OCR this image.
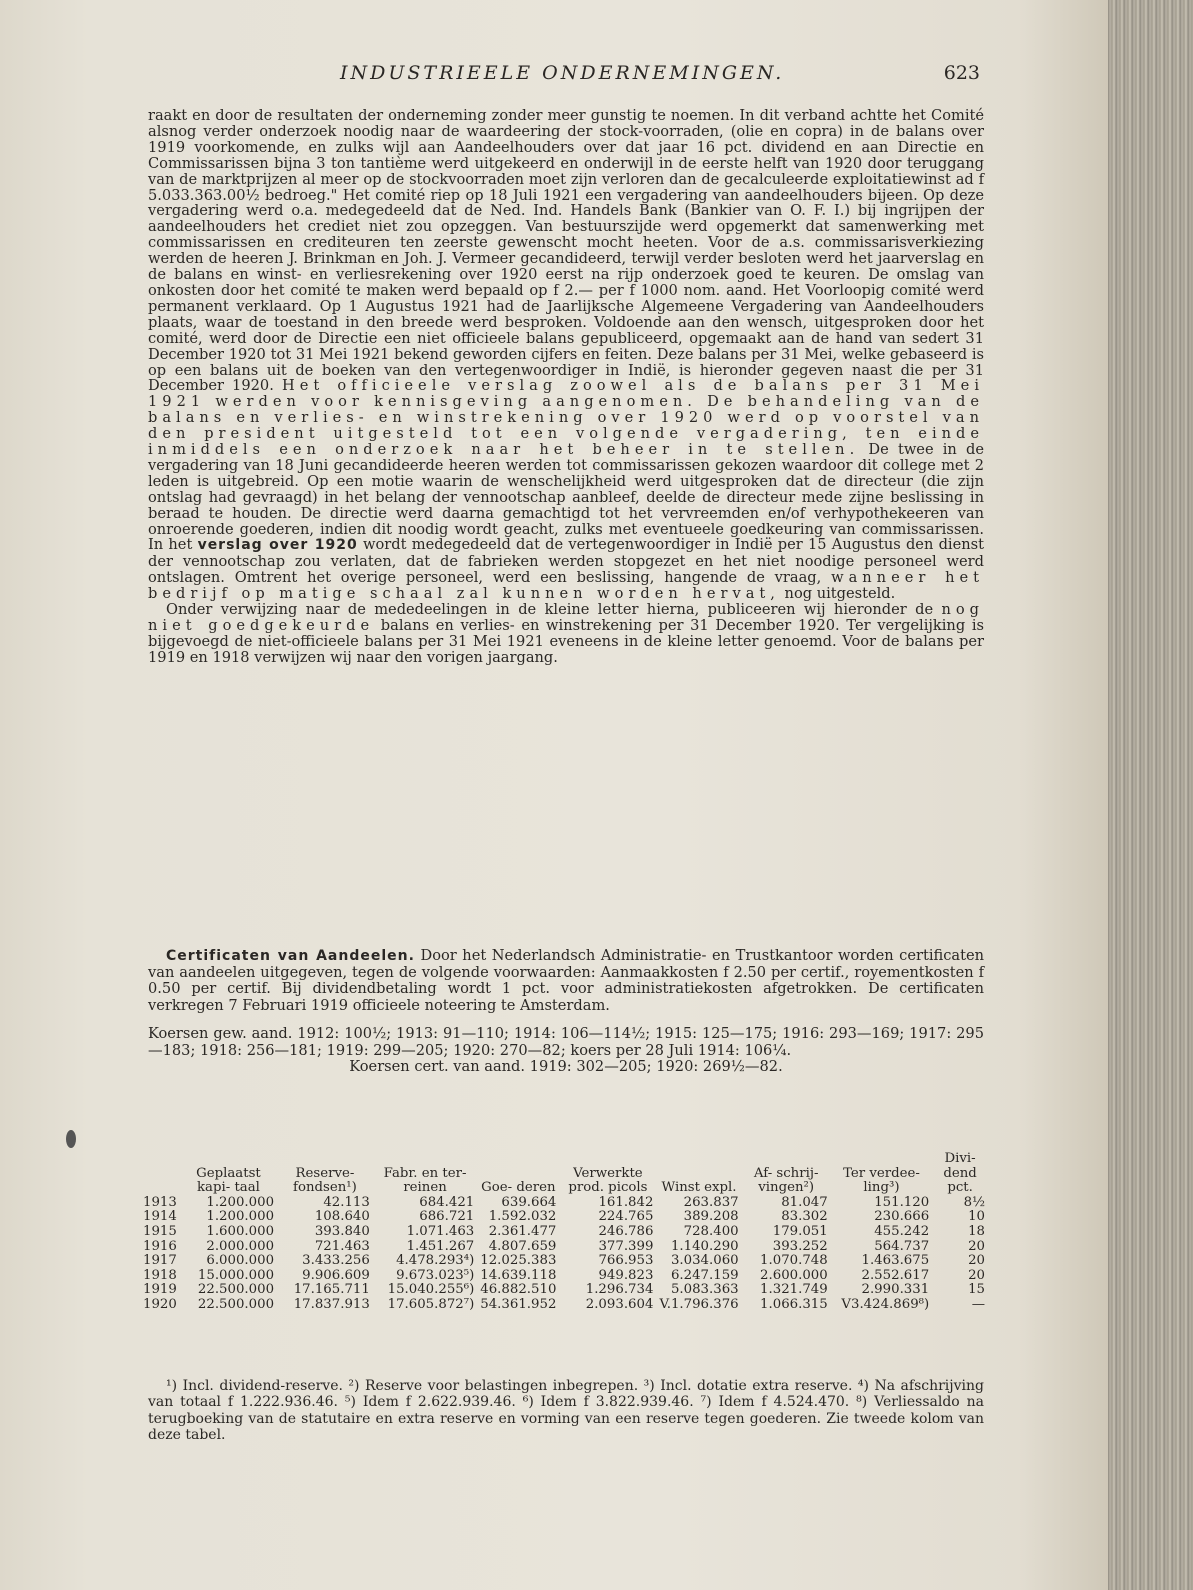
INDUSTRIEELE ONDERNEMINGEN.	623

raakt en door de resultaten der onderneming zonder meer gunstig te noemen. In dit verband achtte het Comité alsnog verder onderzoek noodig naar de waardeering der stock-voorraden, (olie en copra) in de balans over 1919 voorkomende, en zulks wijl aan Aandeelhouders over dat jaar 16 pct. dividend en aan Directie en Commissarissen bijna 3 ton tantième werd uitgekeerd en onderwijl in de eerste helft van 1920 door teruggang van de marktprijzen al meer op de stockvoorraden moet zijn verloren dan de gecalculeerde exploitatiewinst ad f 5.033.363.00½ bedroeg." Het comité riep op 18 Juli 1921 een vergadering van aandeelhouders bijeen. Op deze vergadering werd o.a. medegedeeld dat de Ned. Ind. Handels Bank (Bankier van O. F. I.) bij ingrijpen der aandeelhouders het crediet niet zou opzeggen. Van bestuurszijde werd opgemerkt dat samenwerking met commissarissen en crediteuren ten zeerste gewenscht mocht heeten. Voor de a.s. commissarisverkiezing werden de heeren J. Brinkman en Joh. J. Vermeer gecandideerd, terwijl verder besloten werd het jaarverslag en de balans en winst- en verliesrekening over 1920 eerst na rijp onderzoek goed te keuren. De omslag van onkosten door het comité te maken werd bepaald op f 2.— per f 1000 nom. aand. Het Voorloopig comité werd permanent verklaard. Op 1 Augustus 1921 had de Jaarlijksche Algemeene Vergadering van Aandeelhouders plaats, waar de toestand in den breede werd besproken. Voldoende aan den wensch, uitgesproken door het comité, werd door de Directie een niet officieele balans gepubliceerd, opgemaakt aan de hand van sedert 31 December 1920 tot 31 Mei 1921 bekend geworden cijfers en feiten. Deze balans per 31 Mei, welke gebaseerd is op een balans uit de boeken van den vertegenwoordiger in Indië, is hieronder gegeven naast die per 31 December 1920. Het officieele verslag zoowel als de balans per 31 Mei 1921 werden voor kennisgeving aangenomen. De behandeling van de balans en verlies- en winstrekening over 1920 werd op voorstel van den president uitgesteld tot een volgende vergadering, ten einde inmiddels een onderzoek naar het beheer in te stellen. De twee in de vergadering van 18 Juni gecandideerde heeren werden tot commissarissen gekozen waardoor dit college met 2 leden is uitgebreid. Op een motie waarin de wenschelijkheid werd uitgesproken dat de directeur (die zijn ontslag had gevraagd) in het belang der vennootschap aanbleef, deelde de directeur mede zijne beslissing in beraad te houden. De directie werd daarna gemachtigd tot het vervreemden en/of verhypothekeeren van onroerende goederen, indien dit noodig wordt geacht, zulks met eventueele goedkeuring van commissarissen. In het verslag over 1920 wordt medegedeeld dat de vertegenwoordiger in Indië per 15 Augustus den dienst der vennootschap zou verlaten, dat de fabrieken werden stopgezet en het niet noodige personeel werd ontslagen. Omtrent het overige personeel, werd een beslissing, hangende de vraag, wanneer het bedrijf op matige schaal zal kunnen worden hervat, nog uitgesteld.

Onder verwijzing naar de mededeelingen in de kleine letter hierna, publiceeren wij hieronder de nog niet goedgekeurde balans en verlies- en winstrekening per 31 December 1920. Ter vergelijking is bijgevoegd de niet-officieele balans per 31 Mei 1921 eveneens in de kleine letter genoemd. Voor de balans per 1919 en 1918 verwijzen wij naar den vorigen jaargang.

Certificaten van Aandeelen. Door het Nederlandsch Administratie- en Trustkantoor worden certificaten van aandeelen uitgegeven, tegen de volgende voorwaarden: Aanmaakkosten f 2.50 per certif., royementkosten f 0.50 per certif. Bij dividendbetaling wordt 1 pct. voor administratiekosten afgetrokken. De certificaten verkregen 7 Februari 1919 officieele noteering te Amsterdam.

Koersen gew. aand. 1912: 100½; 1913: 91—110; 1914: 106—114½; 1915: 125—175; 1916: 293—169; 1917: 295—183; 1918: 256—181; 1919: 299—205; 1920: 270—82; koers per 28 Juli 1914: 106¼.

Koersen cert. van aand. 1919: 302—205; 1920: 269½—82.

	Geplaatst kapi- taal	Reserve- fondsen¹)	Fabr. en ter- reinen	Goe- deren	Verwerkte prod. picols	Winst expl.	Af- schrij- vingen²)	Ter verdee- ling³)	Divi- dend pct.
1913	1.200.000	42.113	684.421	639.664	161.842	263.837	81.047	151.120	8½
1914	1.200.000	108.640	686.721	1.592.032	224.765	389.208	83.302	230.666	10
1915	1.600.000	393.840	1.071.463	2.361.477	246.786	728.400	179.051	455.242	18
1916	2.000.000	721.463	1.451.267	4.807.659	377.399	1.140.290	393.252	564.737	20
1917	6.000.000	3.433.256	4.478.293⁴)	12.025.383	766.953	3.034.060	1.070.748	1.463.675	20
1918	15.000.000	9.906.609	9.673.023⁵)	14.639.118	949.823	6.247.159	2.600.000	2.552.617	20
1919	22.500.000	17.165.711	15.040.255⁶)	46.882.510	1.296.734	5.083.363	1.321.749	2.990.331	15
1920	22.500.000	17.837.913	17.605.872⁷)	54.361.952	2.093.604	V.1.796.376	1.066.315	V3.424.869⁸)	—

¹) Incl. dividend-reserve. ²) Reserve voor belastingen inbegrepen. ³) Incl. dotatie extra reserve. ⁴) Na afschrijving van totaal f 1.222.936.46. ⁵) Idem f 2.622.939.46. ⁶) Idem f 3.822.939.46. ⁷) Idem f 4.524.470. ⁸) Verliessaldo na terugboeking van de statutaire en extra reserve en vorming van een reserve tegen goederen. Zie tweede kolom van deze tabel.
